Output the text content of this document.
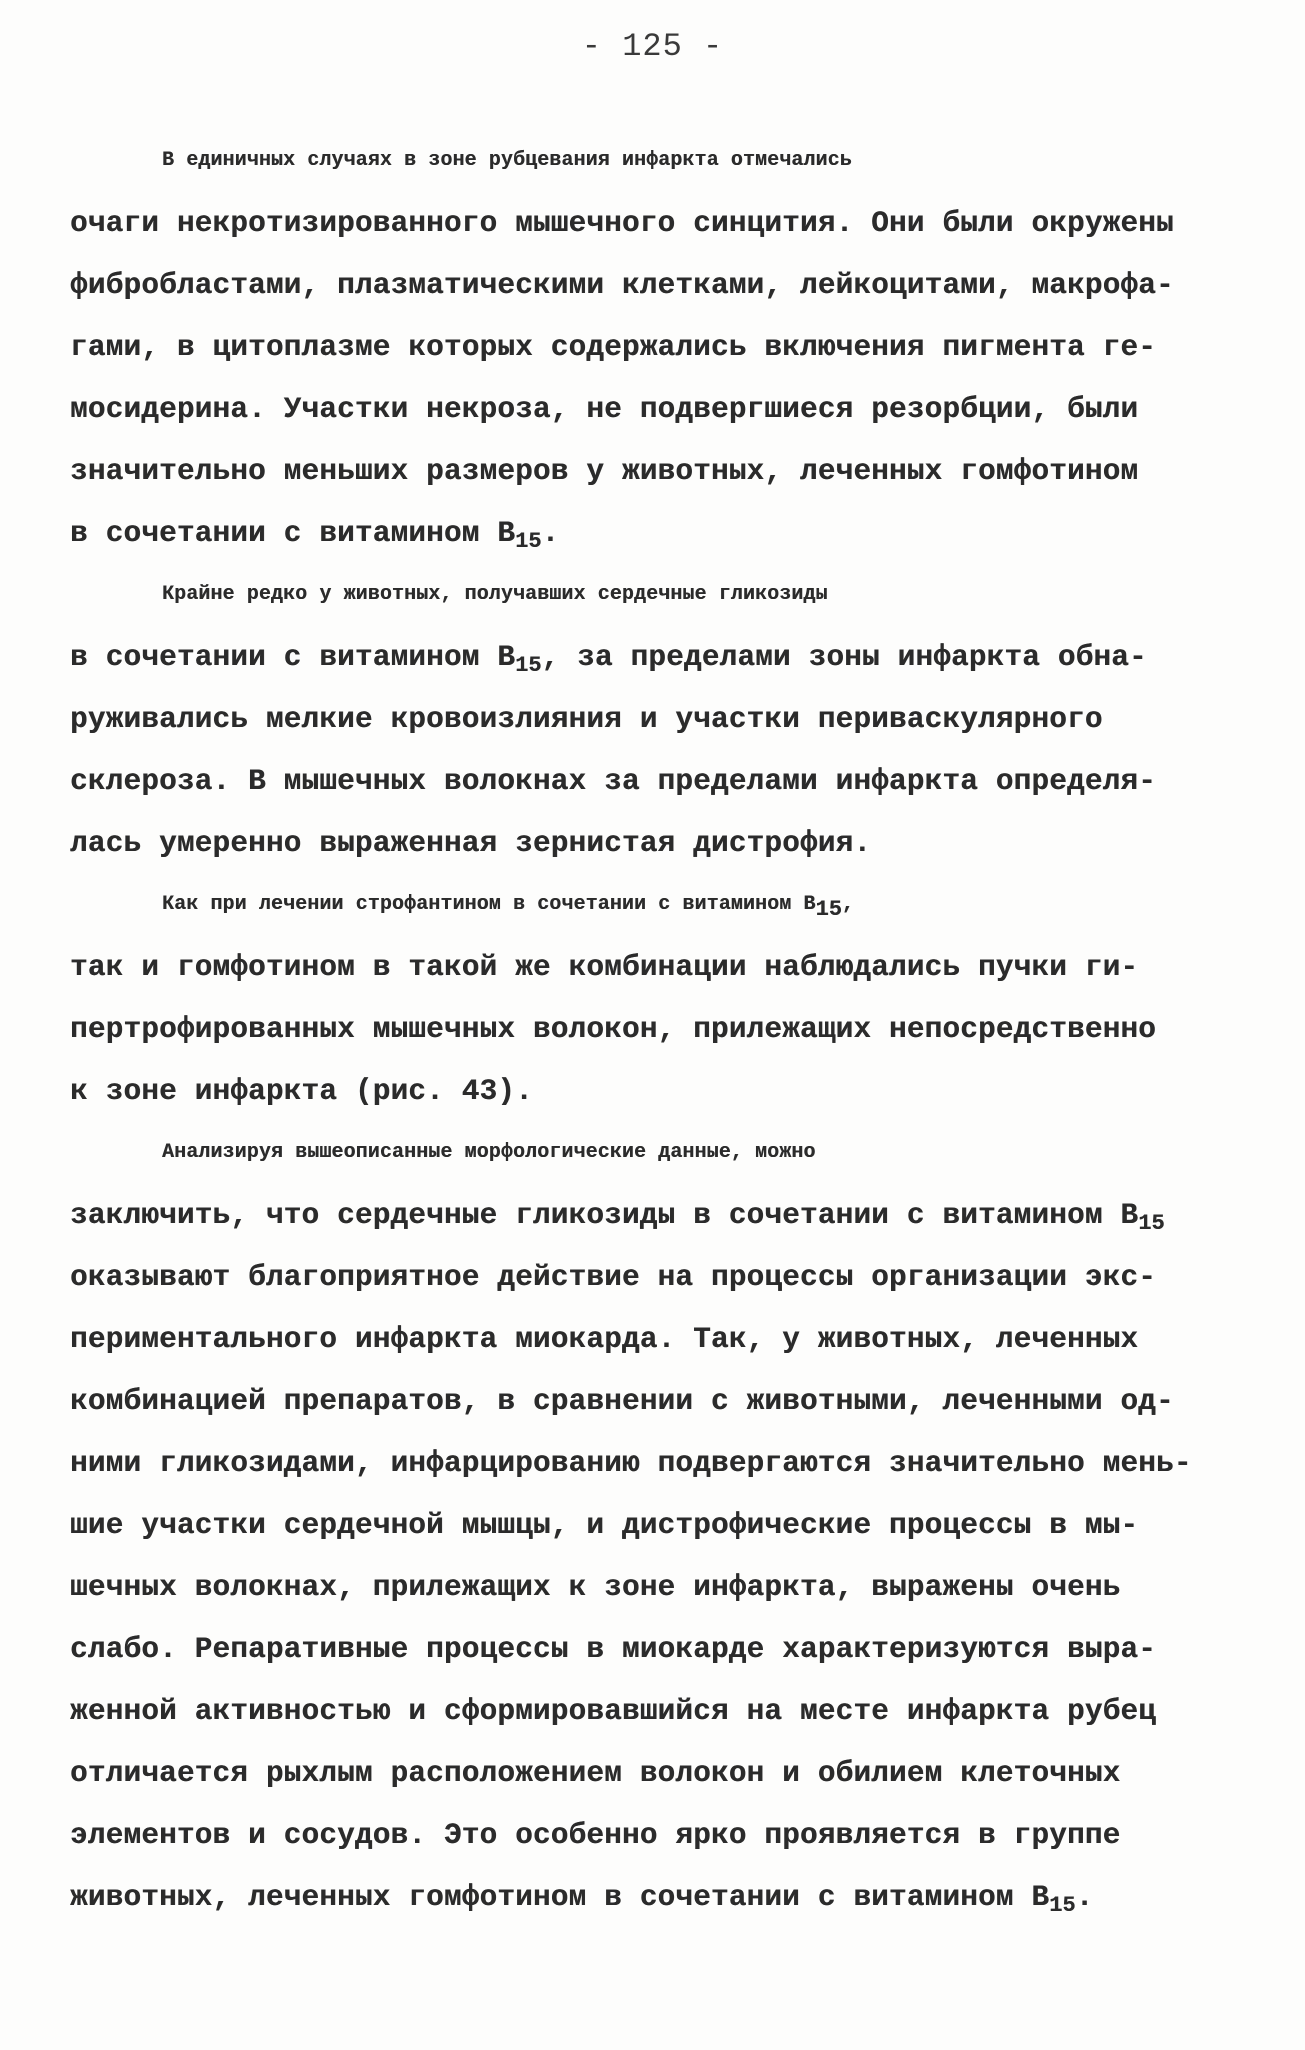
- 125 -
В единичных случаях в зоне рубцевания инфаркта отмечались
очаги некротизированного мышечного синцития. Они были окружены
фибробластами, плазматическими клетками, лейкоцитами, макрофа-
гами, в цитоплазме которых содержались включения пигмента ге-
мосидерина. Участки некроза, не подвергшиеся резорбции, были
значительно меньших размеров у животных, леченных гомфотином
в сочетании с витамином $B_{15}$.
Крайне редко у животных, получавших сердечные гликозиды
в сочетании с витамином $B_{15}$, за пределами зоны инфаркта обна-
руживались мелкие кровоизлияния и участки периваскулярного
склероза. В мышечных волокнах за пределами инфаркта определя-
лась умеренно выраженная зернистая дистрофия.
Как при лечении строфантином в сочетании с витамином B15,
так и гомфотином в такой же комбинации наблюдались пучки ги-
пертрофированных мышечных волокон, прилежащих непосредственно
к зоне инфаркта (рис. 43).
Анализируя вышеописанные морфологические данные, можно
заключить, что сердечные гликозиды в сочетании с витамином $B_{15}$
оказывают благоприятное действие на процессы организации экс-
периментального инфаркта миокарда. Так, у животных, леченных
комбинацией препаратов, в сравнении с животными, леченными од-
ними гликозидами, инфарцированию подвергаются значительно мень-
шие участки сердечной мышцы, и дистрофические процессы в мы-
шечных волокнах, прилежащих к зоне инфаркта, выражены очень
слабо. Репаративные процессы в миокарде характеризуются выра-
женной активностью и сформировавшийся на месте инфаркта рубец
отличается рыхлым расположением волокон и обилием клеточных
элементов и сосудов. Это особенно ярко проявляется в группе
животных, леченных гомфотином в сочетании с витамином $B_{15}$.
